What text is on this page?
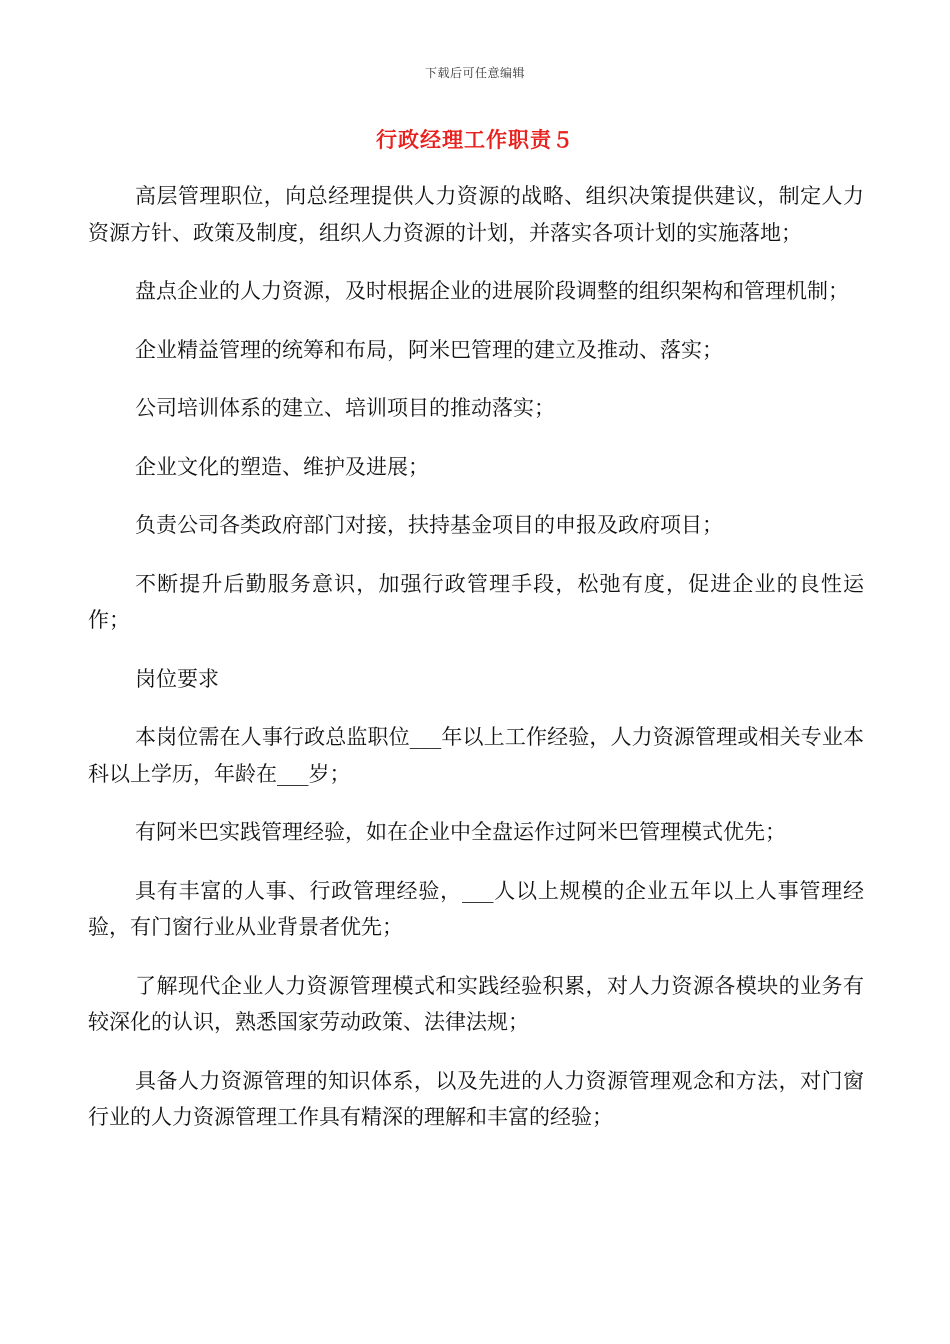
下载后可任意编辑
行政经理工作职责５

高层管理职位，向总经理提供人力资源的战略、组织决策提供建议，制定人力资源方针、政策及制度，组织人力资源的计划，并落实各项计划的实施落地；

盘点企业的人力资源，及时根据企业的进展阶段调整的组织架构和管理机制；

企业精益管理的统筹和布局，阿米巴管理的建立及推动、落实；

公司培训体系的建立、培训项目的推动落实；

企业文化的塑造、维护及进展；

负责公司各类政府部门对接，扶持基金项目的申报及政府项目；

不断提升后勤服务意识，加强行政管理手段，松弛有度，促进企业的良性运作；

岗位要求

本岗位需在人事行政总监职位___年以上工作经验，人力资源管理或相关专业本科以上学历，年龄在___岁；

有阿米巴实践管理经验，如在企业中全盘运作过阿米巴管理模式优先；

具有丰富的人事、行政管理经验，___人以上规模的企业五年以上人事管理经验，有门窗行业从业背景者优先；

了解现代企业人力资源管理模式和实践经验积累，对人力资源各模块的业务有较深化的认识，熟悉国家劳动政策、法律法规；

具备人力资源管理的知识体系，以及先进的人力资源管理观念和方法，对门窗行业的人力资源管理工作具有精深的理解和丰富的经验；
